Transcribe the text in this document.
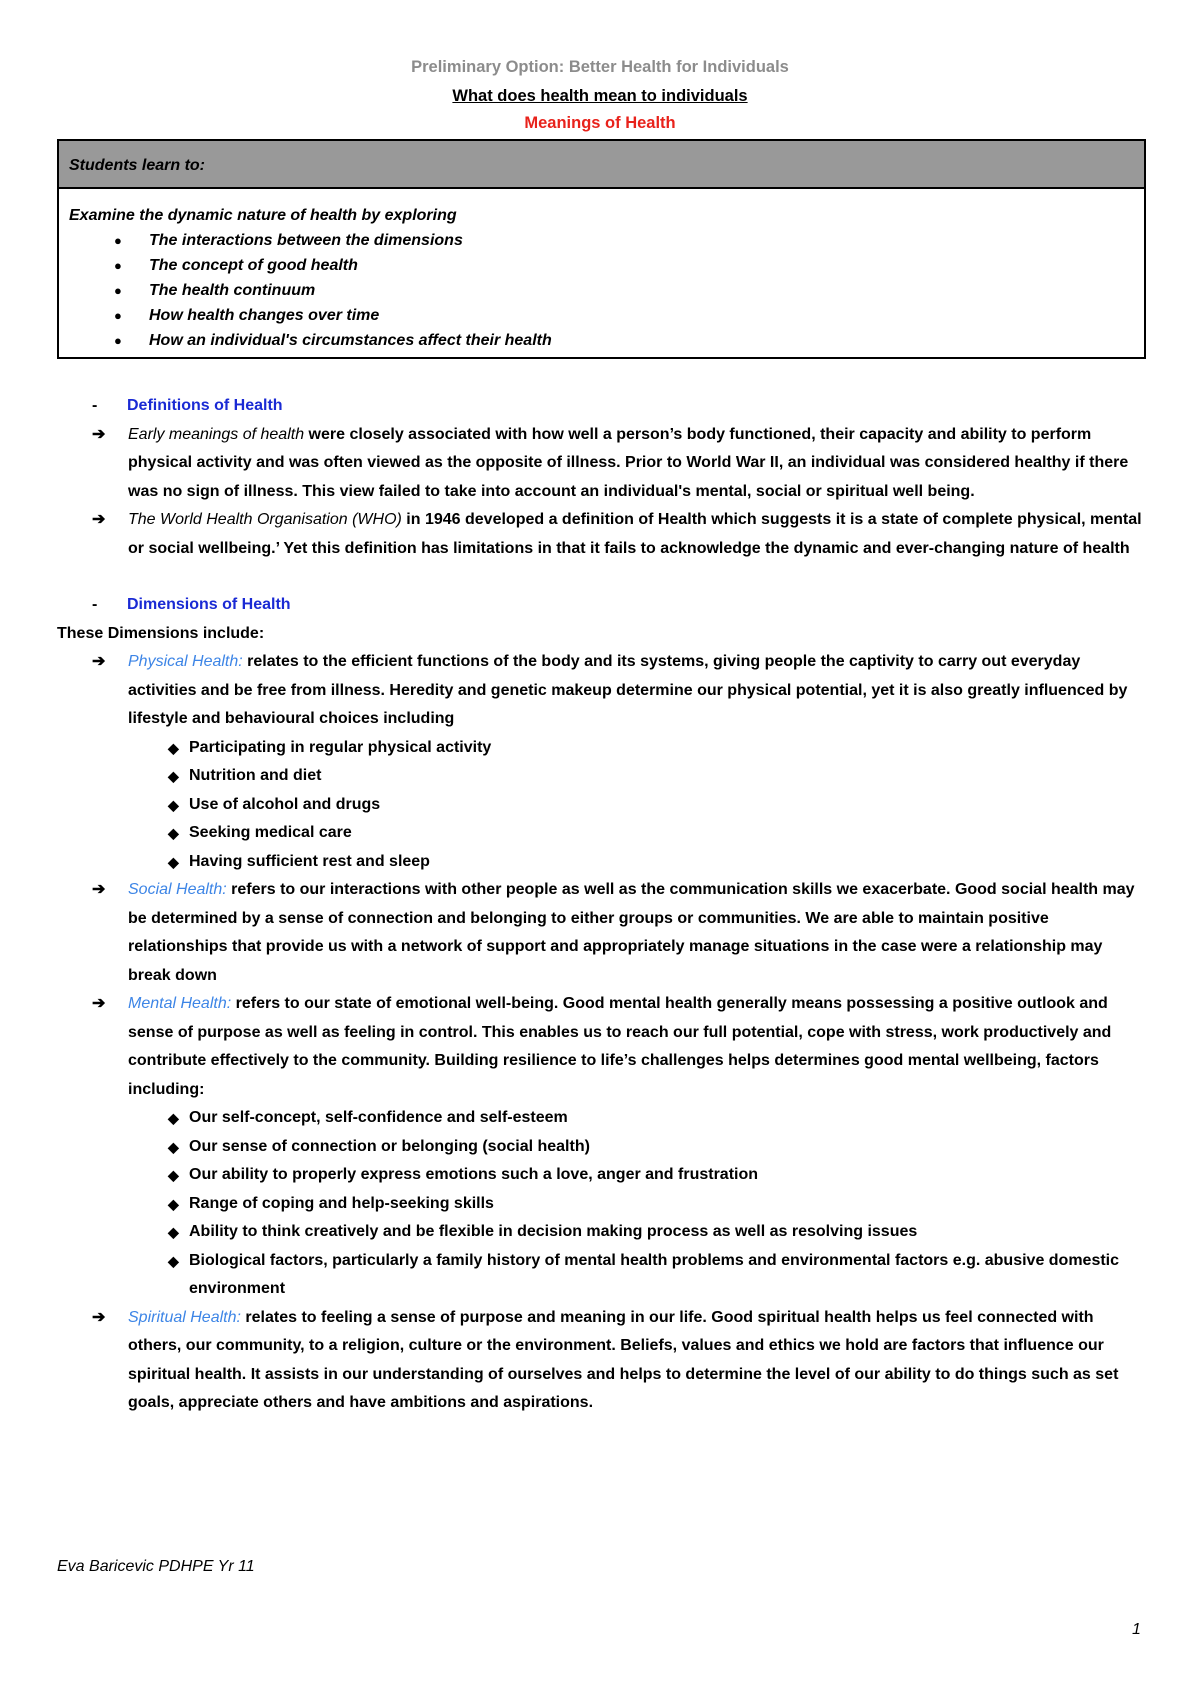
Preliminary Option: Better Health for Individuals
What does health mean to individuals
Meanings of Health
Students learn to:
Examine the dynamic nature of health by exploring
● The interactions between the dimensions
● The concept of good health
● The health continuum
● How health changes over time
● How an individual's circumstances affect their health
-	Definitions of Health
➔ Early meanings of health were closely associated with how well a person’s body functioned, their capacity and ability to perform physical activity and was often viewed as the opposite of illness. Prior to World War II, an individual was considered healthy if there was no sign of illness. This view failed to take into account an individual's mental, social or spiritual well being.
➔ The World Health Organisation (WHO) in 1946 developed a definition of Health which suggests it is a state of complete physical, mental or social wellbeing.’ Yet this definition has limitations in that it fails to acknowledge the dynamic and ever-changing nature of health
-	Dimensions of Health
These Dimensions include:
➔ Physical Health: relates to the efficient functions of the body and its systems, giving people the captivity to carry out everyday activities and be free from illness. Heredity and genetic makeup determine our physical potential, yet it is also greatly influenced by lifestyle and behavioural choices including
◆ Participating in regular physical activity
◆ Nutrition and diet
◆ Use of alcohol and drugs
◆ Seeking medical care
◆ Having sufficient rest and sleep
➔ Social Health: refers to our interactions with other people as well as the communication skills we exacerbate. Good social health may be determined by a sense of connection and belonging to either groups or communities. We are able to maintain positive relationships that provide us with a network of support and appropriately manage situations in the case were a relationship may break down
➔ Mental Health: refers to our state of emotional well-being. Good mental health generally means possessing a positive outlook and sense of purpose as well as feeling in control. This enables us to reach our full potential, cope with stress, work productively and contribute effectively to the community. Building resilience to life’s challenges helps determines good mental wellbeing, factors including:
◆ Our self-concept, self-confidence and self-esteem
◆ Our sense of connection or belonging (social health)
◆ Our ability to properly express emotions such a love, anger and frustration
◆ Range of coping and help-seeking skills
◆ Ability to think creatively and be flexible in decision making process as well as resolving issues
◆ Biological factors, particularly a family history of mental health problems and environmental factors e.g. abusive domestic environment
➔ Spiritual Health: relates to feeling a sense of purpose and meaning in our life. Good spiritual health helps us feel connected with others, our community, to a religion, culture or the environment. Beliefs, values and ethics we hold are factors that influence our spiritual health. It assists in our understanding of ourselves and helps to determine the level of our ability to do things such as set goals, appreciate others and have ambitions and aspirations.
Eva Baricevic PDHPE Yr 11
1
